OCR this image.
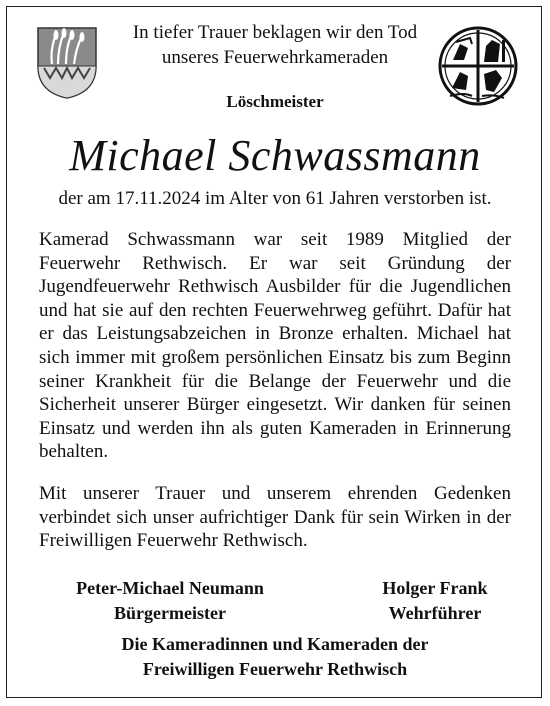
In tiefer Trauer beklagen wir den Tod
unseres Feuerwehrkameraden
Löschmeister
Michael Schwassmann
der am 17.11.2024 im Alter von 61 Jahren verstorben ist.
Kamerad Schwassmann war seit 1989 Mitglied der Feuerwehr Rethwisch. Er war seit Gründung der Jugendfeuerwehr Rethwisch Ausbilder für die Jugendlichen und hat sie auf den rechten Feuerwehrweg geführt. Dafür hat er das Leistungsabzeichen in Bronze erhalten. Michael hat sich immer mit großem persönlichen Einsatz bis zum Beginn seiner Krankheit für die Belange der Feuerwehr und die Sicherheit unserer Bürger eingesetzt. Wir danken für seinen Einsatz und werden ihn als guten Kameraden in Erinnerung behalten.
Mit unserer Trauer und unserem ehrenden Gedenken verbindet sich unser aufrichtiger Dank für sein Wirken in der Freiwilligen Feuerwehr Rethwisch.
Peter-Michael Neumann
Bürgermeister
Holger Frank
Wehrführer
Die Kameradinnen und Kameraden der
Freiwilligen Feuerwehr Rethwisch
